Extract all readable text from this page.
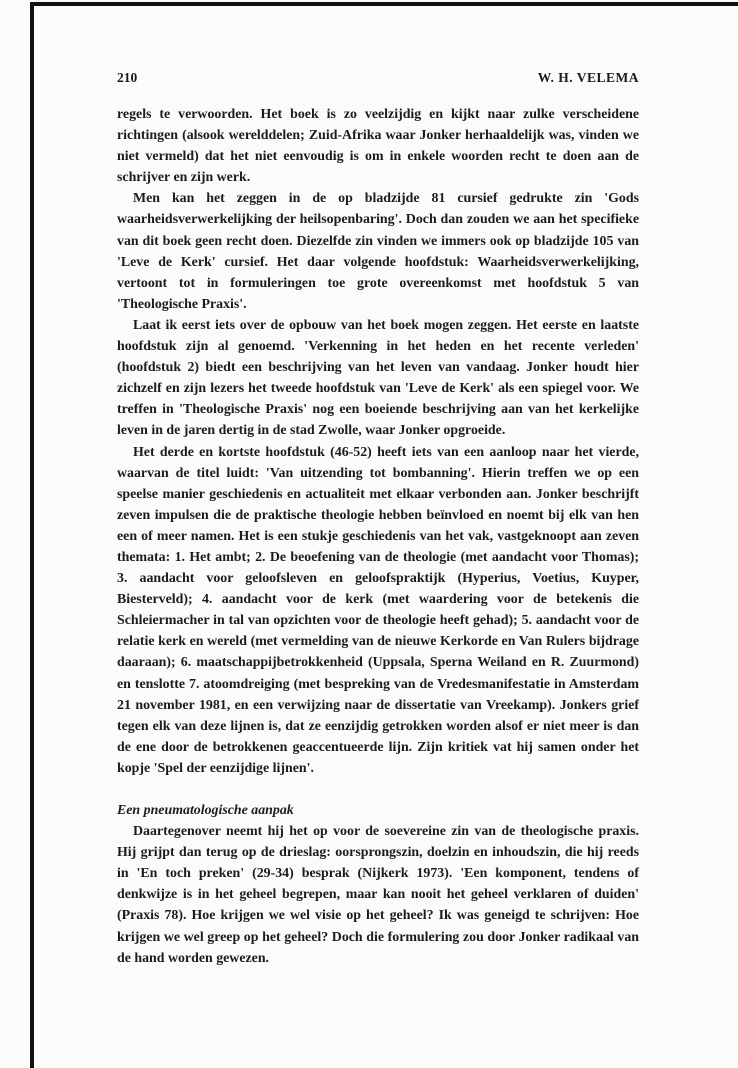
210	W. H. VELEMA

regels te verwoorden. Het boek is zo veelzijdig en kijkt naar zulke verscheidene richtingen (alsook werelddelen; Zuid-Afrika waar Jonker herhaaldelijk was, vinden we niet vermeld) dat het niet eenvoudig is om in enkele woorden recht te doen aan de schrijver en zijn werk.

Men kan het zeggen in de op bladzijde 81 cursief gedrukte zin 'Gods waarheidsverwerkelijking der heilsopenbaring'. Doch dan zouden we aan het specifieke van dit boek geen recht doen. Diezelfde zin vinden we immers ook op bladzijde 105 van 'Leve de Kerk' cursief. Het daar volgende hoofdstuk: Waarheidsverwerkelijking, vertoont tot in formuleringen toe grote overeenkomst met hoofdstuk 5 van 'Theologische Praxis'.

Laat ik eerst iets over de opbouw van het boek mogen zeggen. Het eerste en laatste hoofdstuk zijn al genoemd. 'Verkenning in het heden en het recente verleden' (hoofdstuk 2) biedt een beschrijving van het leven van vandaag. Jonker houdt hier zichzelf en zijn lezers het tweede hoofdstuk van 'Leve de Kerk' als een spiegel voor. We treffen in 'Theologische Praxis' nog een boeiende beschrijving aan van het kerkelijke leven in de jaren dertig in de stad Zwolle, waar Jonker opgroeide.

Het derde en kortste hoofdstuk (46-52) heeft iets van een aanloop naar het vierde, waarvan de titel luidt: 'Van uitzending tot bombanning'. Hierin treffen we op een speelse manier geschiedenis en actualiteit met elkaar verbonden aan. Jonker beschrijft zeven impulsen die de praktische theologie hebben beïnvloed en noemt bij elk van hen een of meer namen. Het is een stukje geschiedenis van het vak, vastgeknoopt aan zeven themata: 1. Het ambt; 2. De beoefening van de theologie (met aandacht voor Thomas); 3. aandacht voor geloofsleven en geloofspraktijk (Hyperius, Voetius, Kuyper, Biesterveld); 4. aandacht voor de kerk (met waardering voor de betekenis die Schleiermacher in tal van opzichten voor de theologie heeft gehad); 5. aandacht voor de relatie kerk en wereld (met vermelding van de nieuwe Kerkorde en Van Rulers bijdrage daaraan); 6. maatschappijbetrokkenheid (Uppsala, Sperna Weiland en R. Zuurmond) en tenslotte 7. atoomdreiging (met bespreking van de Vredesmanifestatie in Amsterdam 21 november 1981, en een verwijzing naar de dissertatie van Vreekamp). Jonkers grief tegen elk van deze lijnen is, dat ze eenzijdig getrokken worden alsof er niet meer is dan de ene door de betrokkenen geaccentueerde lijn. Zijn kritiek vat hij samen onder het kopje 'Spel der eenzijdige lijnen'.

Een pneumatologische aanpak

Daartegenover neemt hij het op voor de soevereine zin van de theologische praxis. Hij grijpt dan terug op de drieslag: oorsprongszin, doelzin en inhoudszin, die hij reeds in 'En toch preken' (29-34) besprak (Nijkerk 1973). 'Een komponent, tendens of denkwijze is in het geheel begrepen, maar kan nooit het geheel verklaren of duiden' (Praxis 78). Hoe krijgen we wel visie op het geheel? Ik was geneigd te schrijven: Hoe krijgen we wel greep op het geheel? Doch die formulering zou door Jonker radikaal van de hand worden gewezen.
